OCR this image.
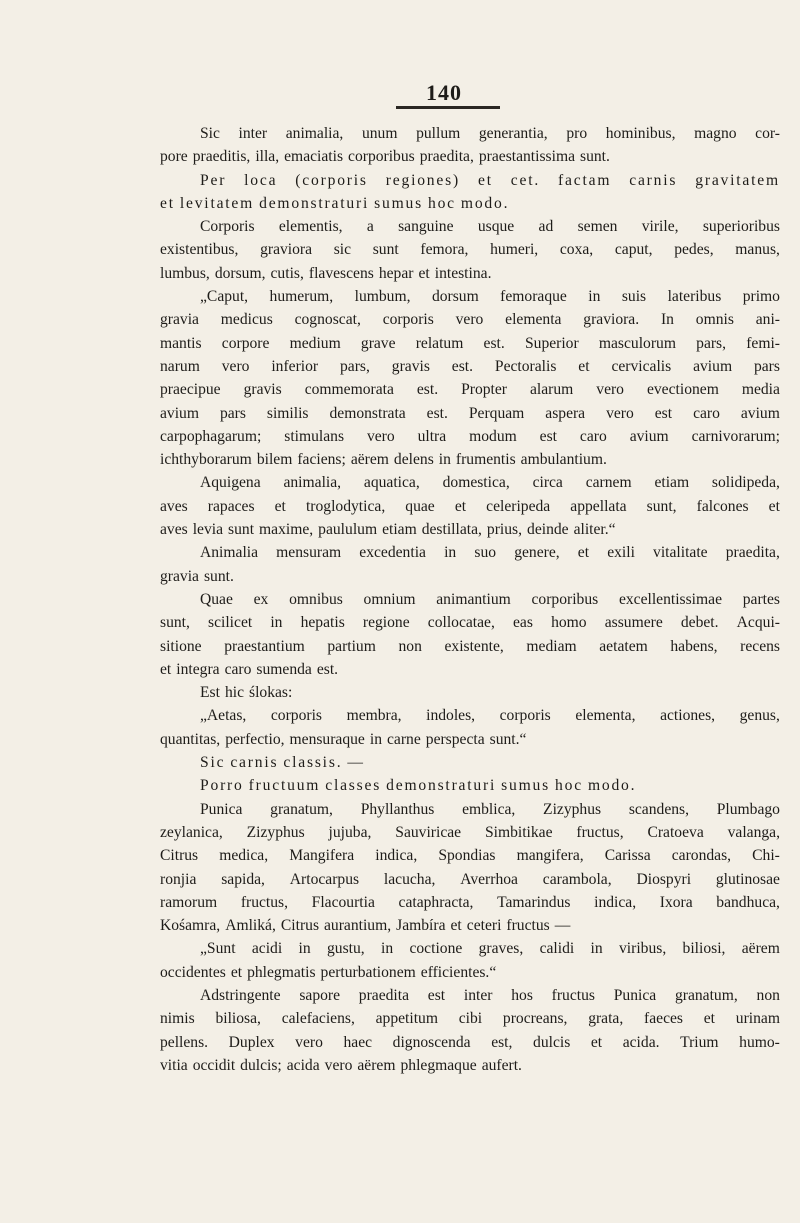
140
Sic inter animalia, unum pullum generantia, pro hominibus, magno cor-
pore praeditis, illa, emaciatis corporibus praedita, praestantissima sunt.
Per loca (corporis regiones) et cet. factam carnis gravitatem
et levitatem demonstraturi sumus hoc modo.
Corporis elementis, a sanguine usque ad semen virile, superioribus
existentibus, graviora sic sunt femora, humeri, coxa, caput, pedes, manus,
lumbus, dorsum, cutis, flavescens hepar et intestina.
„Caput, humerum, lumbum, dorsum femoraque in suis lateribus primo
gravia medicus cognoscat, corporis vero elementa graviora. In omnis ani-
mantis corpore medium grave relatum est. Superior masculorum pars, femi-
narum vero inferior pars, gravis est. Pectoralis et cervicalis avium pars
praecipue gravis commemorata est. Propter alarum vero evectionem media
avium pars similis demonstrata est. Perquam aspera vero est caro avium
carpophagarum; stimulans vero ultra modum est caro avium carnivorarum;
ichthyborarum bilem faciens; aërem delens in frumentis ambulantium.
Aquigena animalia, aquatica, domestica, circa carnem etiam solidipeda,
aves rapaces et troglodytica, quae et celeripeda appellata sunt, falcones et
aves levia sunt maxime, paululum etiam destillata, prius, deinde aliter.“
Animalia mensuram excedentia in suo genere, et exili vitalitate praedita,
gravia sunt.
Quae ex omnibus omnium animantium corporibus excellentissimae partes
sunt, scilicet in hepatis regione collocatae, eas homo assumere debet. Acqui-
sitione praestantium partium non existente, mediam aetatem habens, recens
et integra caro sumenda est.
Est hic ślokas:
„Aetas, corporis membra, indoles, corporis elementa, actiones, genus,
quantitas, perfectio, mensuraque in carne perspecta sunt.“
Sic carnis classis. —
Porro fructuum classes demonstraturi sumus hoc modo.
Punica granatum, Phyllanthus emblica, Zizyphus scandens, Plumbago
zeylanica, Zizyphus jujuba, Sauviricae Simbitikae fructus, Cratoeva valanga,
Citrus medica, Mangifera indica, Spondias mangifera, Carissa carondas, Chi-
ronjia sapida, Artocarpus lacucha, Averrhoa carambola, Diospyri glutinosae
ramorum fructus, Flacourtia cataphracta, Tamarindus indica, Ixora bandhuca,
Kośamra, Amliká, Citrus aurantium, Jambíra et ceteri fructus —
„Sunt acidi in gustu, in coctione graves, calidi in viribus, biliosi, aërem
occidentes et phlegmatis perturbationem efficientes.“
Adstringente sapore praedita est inter hos fructus Punica granatum, non
nimis biliosa, calefaciens, appetitum cibi procreans, grata, faeces et urinam
pellens. Duplex vero haec dignoscenda est, dulcis et acida. Trium humo-
vitia occidit dulcis; acida vero aërem phlegmaque aufert.
